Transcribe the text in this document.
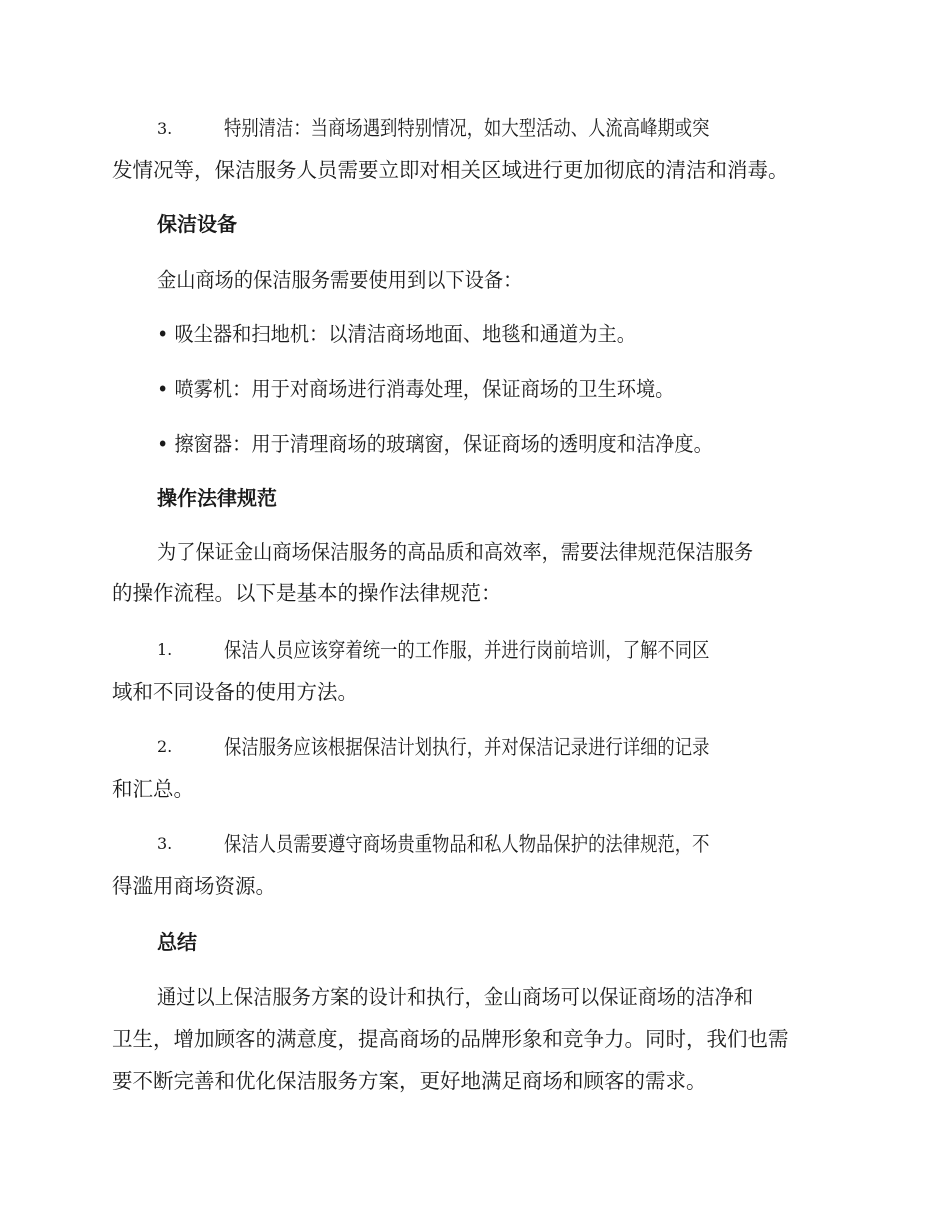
3.	特别清洁：当商场遇到特别情况，如大型活动、人流高峰期或突
发情况等，保洁服务人员需要立即对相关区域进行更加彻底的清洁和消毒。
保洁设备
金山商场的保洁服务需要使用到以下设备：
• 吸尘器和扫地机：以清洁商场地面、地毯和通道为主。
• 喷雾机：用于对商场进行消毒处理，保证商场的卫生环境。
• 擦窗器：用于清理商场的玻璃窗，保证商场的透明度和洁净度。
操作法律规范
为了保证金山商场保洁服务的高品质和高效率，需要法律规范保洁服务
的操作流程。以下是基本的操作法律规范：
1.	保洁人员应该穿着统一的工作服，并进行岗前培训，了解不同区
域和不同设备的使用方法。
2.	保洁服务应该根据保洁计划执行，并对保洁记录进行详细的记录
和汇总。
3.	保洁人员需要遵守商场贵重物品和私人物品保护的法律规范，不
得滥用商场资源。
总结
通过以上保洁服务方案的设计和执行，金山商场可以保证商场的洁净和
卫生，增加顾客的满意度，提高商场的品牌形象和竞争力。同时，我们也需
要不断完善和优化保洁服务方案，更好地满足商场和顾客的需求。
